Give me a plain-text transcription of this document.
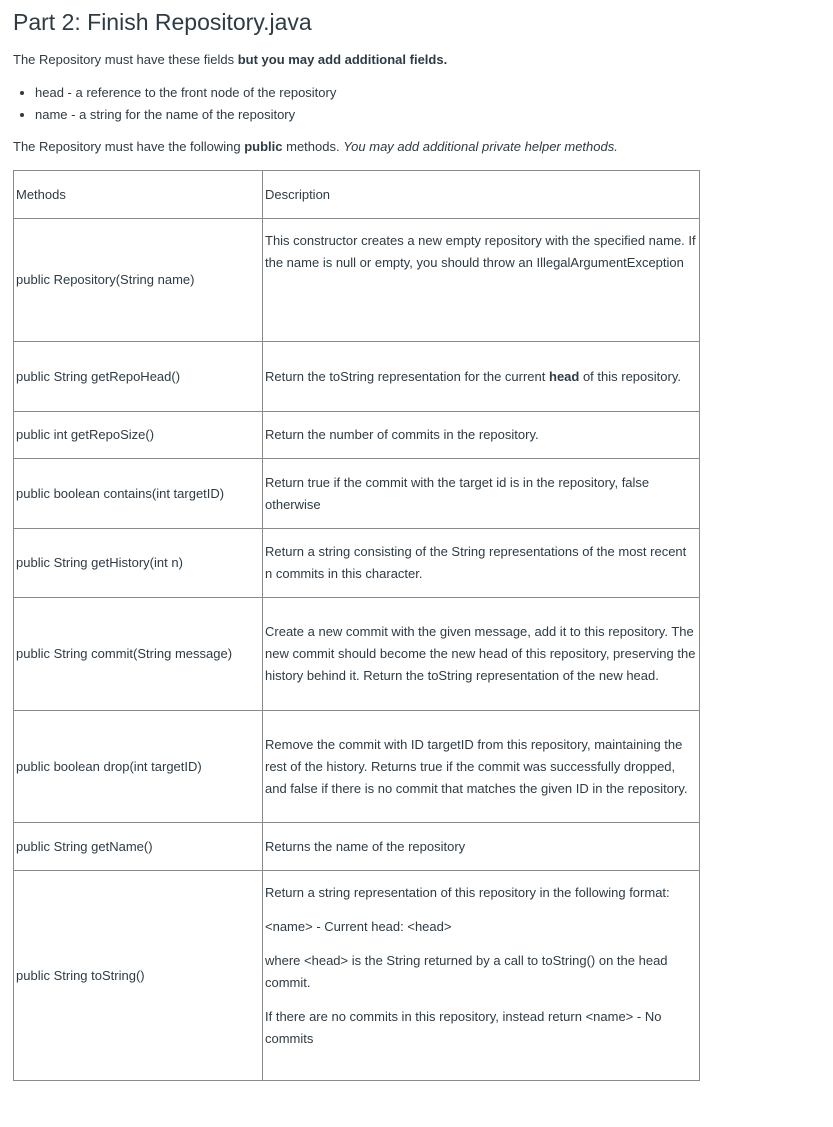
Part 2: Finish Repository.java

The Repository must have these fields but you may add additional fields.

• head - a reference to the front node of the repository
• name - a string for the name of the repository

The Repository must have the following public methods. You may add additional private helper methods.

Methods	Description
public Repository(String name)	This constructor creates a new empty repository with the specified name. If the name is null or empty, you should throw an IllegalArgumentException

public String getRepoHead()	Return the toString representation for the current head of this repository.

public int getRepoSize()	Return the number of commits in the repository.

public boolean contains(int targetID)	Return true if the commit with the target id is in the repository, false otherwise

public String getHistory(int n)	Return a string consisting of the String representations of the most recent n commits in this character.

public String commit(String message)	Create a new commit with the given message, add it to this repository. The new commit should become the new head of this repository, preserving the history behind it. Return the toString representation of the new head.

public boolean drop(int targetID)	Remove the commit with ID targetID from this repository, maintaining the rest of the history. Returns true if the commit was successfully dropped, and false if there is no commit that matches the given ID in the repository.

public String getName()	Returns the name of the repository

public String toString()	Return a string representation of this repository in the following format:

<name> - Current head: <head>

where <head> is the String returned by a call to toString() on the head commit.

If there are no commits in this repository, instead return <name> - No commits
